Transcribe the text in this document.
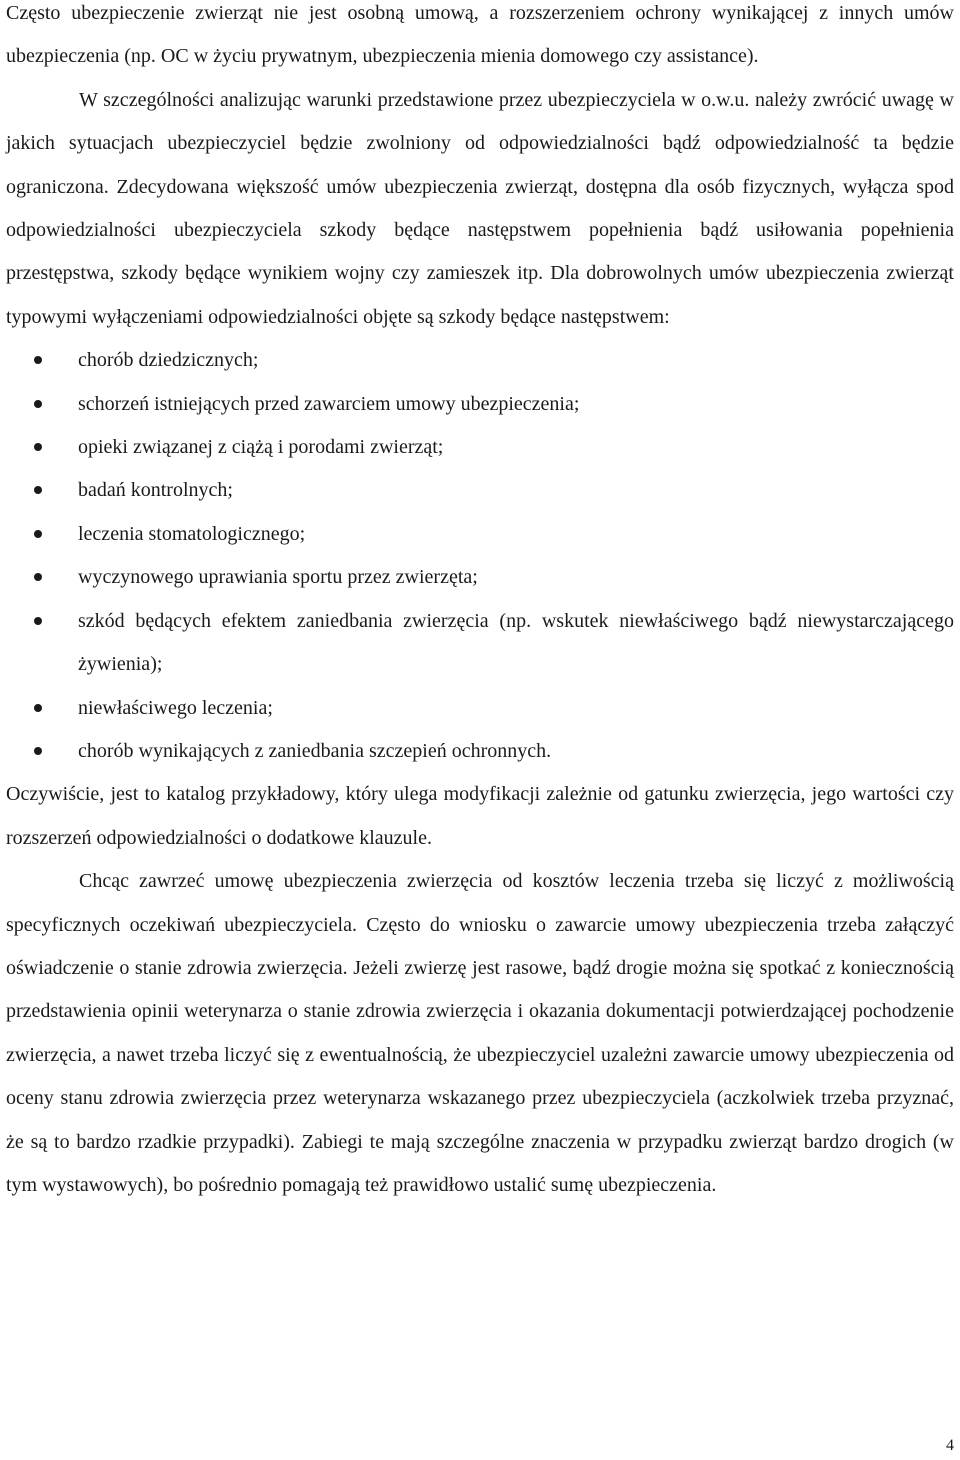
Często ubezpieczenie zwierząt nie jest osobną umową, a rozszerzeniem ochrony wynikającej z innych umów ubezpieczenia (np. OC w życiu prywatnym, ubezpieczenia mienia domowego czy assistance).

W szczególności analizując warunki przedstawione przez ubezpieczyciela w o.w.u. należy zwrócić uwagę w jakich sytuacjach ubezpieczyciel będzie zwolniony od odpowiedzialności bądź odpowiedzialność ta będzie ograniczona. Zdecydowana większość umów ubezpieczenia zwierząt, dostępna dla osób fizycznych, wyłącza spod odpowiedzialności ubezpieczyciela szkody będące następstwem popełnienia bądź usiłowania popełnienia przestępstwa, szkody będące wynikiem wojny czy zamieszek itp. Dla dobrowolnych umów ubezpieczenia zwierząt typowymi wyłączeniami odpowiedzialności objęte są szkody będące następstwem:

chorób dziedzicznych;
schorzeń istniejących przed zawarciem umowy ubezpieczenia;
opieki związanej z ciążą i porodami zwierząt;
badań kontrolnych;
leczenia stomatologicznego;
wyczynowego uprawiania sportu przez zwierzęta;
szkód będących efektem zaniedbania zwierzęcia (np. wskutek niewłaściwego bądź niewystarczającego żywienia);
niewłaściwego leczenia;
chorób wynikających z zaniedbania szczepień ochronnych.

Oczywiście, jest to katalog przykładowy, który ulega modyfikacji zależnie od gatunku zwierzęcia, jego wartości czy rozszerzeń odpowiedzialności o dodatkowe klauzule.

Chcąc zawrzeć umowę ubezpieczenia zwierzęcia od kosztów leczenia trzeba się liczyć z możliwością specyficznych oczekiwań ubezpieczyciela. Często do wniosku o zawarcie umowy ubezpieczenia trzeba załączyć oświadczenie o stanie zdrowia zwierzęcia. Jeżeli zwierzę jest rasowe, bądź drogie można się spotkać z koniecznością przedstawienia opinii weterynarza o stanie zdrowia zwierzęcia i okazania dokumentacji potwierdzającej pochodzenie zwierzęcia, a nawet trzeba liczyć się z ewentualnością, że ubezpieczyciel uzależni zawarcie umowy ubezpieczenia od oceny stanu zdrowia zwierzęcia przez weterynarza wskazanego przez ubezpieczyciela (aczkolwiek trzeba przyznać, że są to bardzo rzadkie przypadki). Zabiegi te mają szczególne znaczenia w przypadku zwierząt bardzo drogich (w tym wystawowych), bo pośrednio pomagają też prawidłowo ustalić sumę ubezpieczenia.

4
